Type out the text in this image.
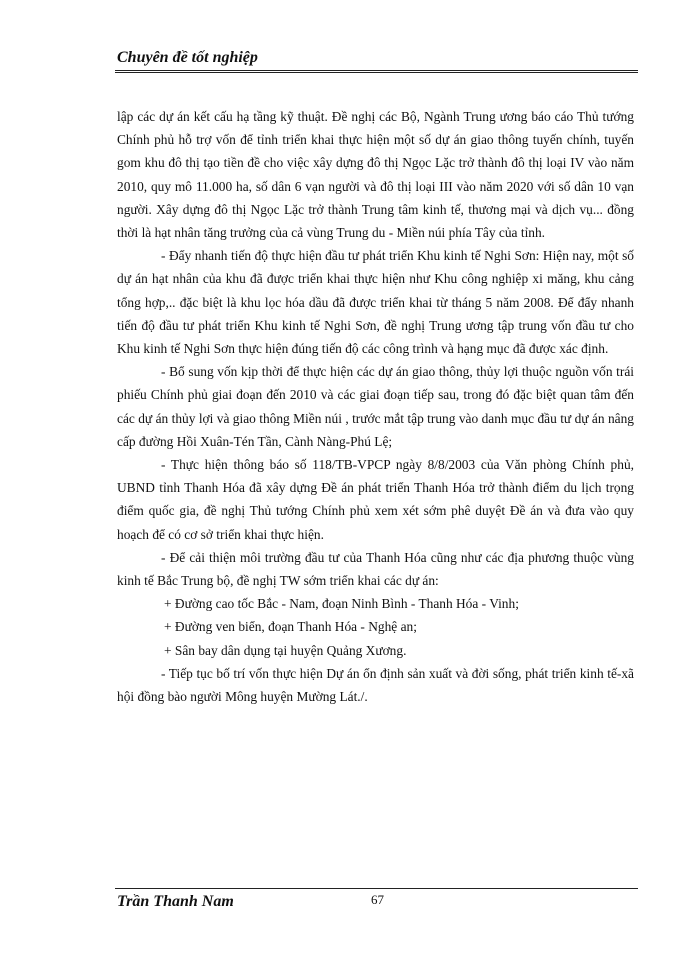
Chuyên đề tốt nghiệp

lập các dự án kết cấu hạ tầng kỹ thuật. Đề nghị các Bộ, Ngành Trung ương báo cáo Thủ tướng Chính phủ hỗ trợ vốn để tỉnh triển khai thực hiện một số dự án giao thông tuyến chính, tuyến gom khu đô thị tạo tiền đề cho việc xây dựng đô thị Ngọc Lặc trở thành đô thị loại IV vào năm 2010, quy mô 11.000 ha, số dân 6 vạn người và đô thị loại III vào năm 2020 với số dân 10 vạn người. Xây dựng đô thị Ngọc Lặc trở thành Trung tâm kinh tế, thương mại và dịch vụ... đồng thời là hạt nhân tăng trưởng của cả vùng Trung du - Miền núi phía Tây của tỉnh.

- Đẩy nhanh tiến độ thực hiện đầu tư phát triển Khu kinh tế Nghi Sơn: Hiện nay, một số dự án hạt nhân của khu đã được triển khai thực hiện như Khu công nghiệp xi măng, khu cảng tổng hợp,.. đặc biệt là khu lọc hóa dầu đã được triển khai từ tháng 5 năm 2008. Để đẩy nhanh tiến độ đầu tư phát triển Khu kinh tế Nghi Sơn, đề nghị Trung ương tập trung vốn đầu tư cho Khu kinh tế Nghi Sơn thực hiện đúng tiến độ các công trình và hạng mục đã được xác định.

- Bổ sung vốn kịp thời để thực hiện các dự án giao thông, thủy lợi thuộc nguồn vốn trái phiếu Chính phủ giai đoạn đến 2010 và các giai đoạn tiếp sau, trong đó đặc biệt quan tâm đến các dự án thủy lợi và giao thông Miền núi , trước mắt tập trung vào danh mục đầu tư dự án nâng cấp đường Hồi Xuân-Tén Tần, Cành Nàng-Phú Lệ;

- Thực hiện thông báo số 118/TB-VPCP ngày 8/8/2003 của Văn phòng Chính phủ, UBND tỉnh Thanh Hóa đã xây dựng Đề án phát triển Thanh Hóa trở thành điểm du lịch trọng điểm quốc gia, đề nghị Thủ tướng Chính phủ xem xét sớm phê duyệt Đề án và đưa vào quy hoạch để có cơ sở triển khai thực hiện.

- Để cải thiện môi trường đầu tư của Thanh Hóa cũng như các địa phương thuộc vùng kinh tế Bắc Trung bộ, đề nghị TW sớm triển khai các dự án:

+ Đường cao tốc Bắc - Nam, đoạn Ninh Bình - Thanh Hóa - Vinh;

+ Đường ven biển, đoạn Thanh Hóa - Nghệ an;

+ Sân bay dân dụng tại huyện Quảng Xương.

- Tiếp tục bố trí vốn thực hiện Dự án ổn định sản xuất và đời sống, phát triển kinh tế-xã hội đồng bào người Mông huyện Mường Lát./.

Trần Thanh Nam	67
